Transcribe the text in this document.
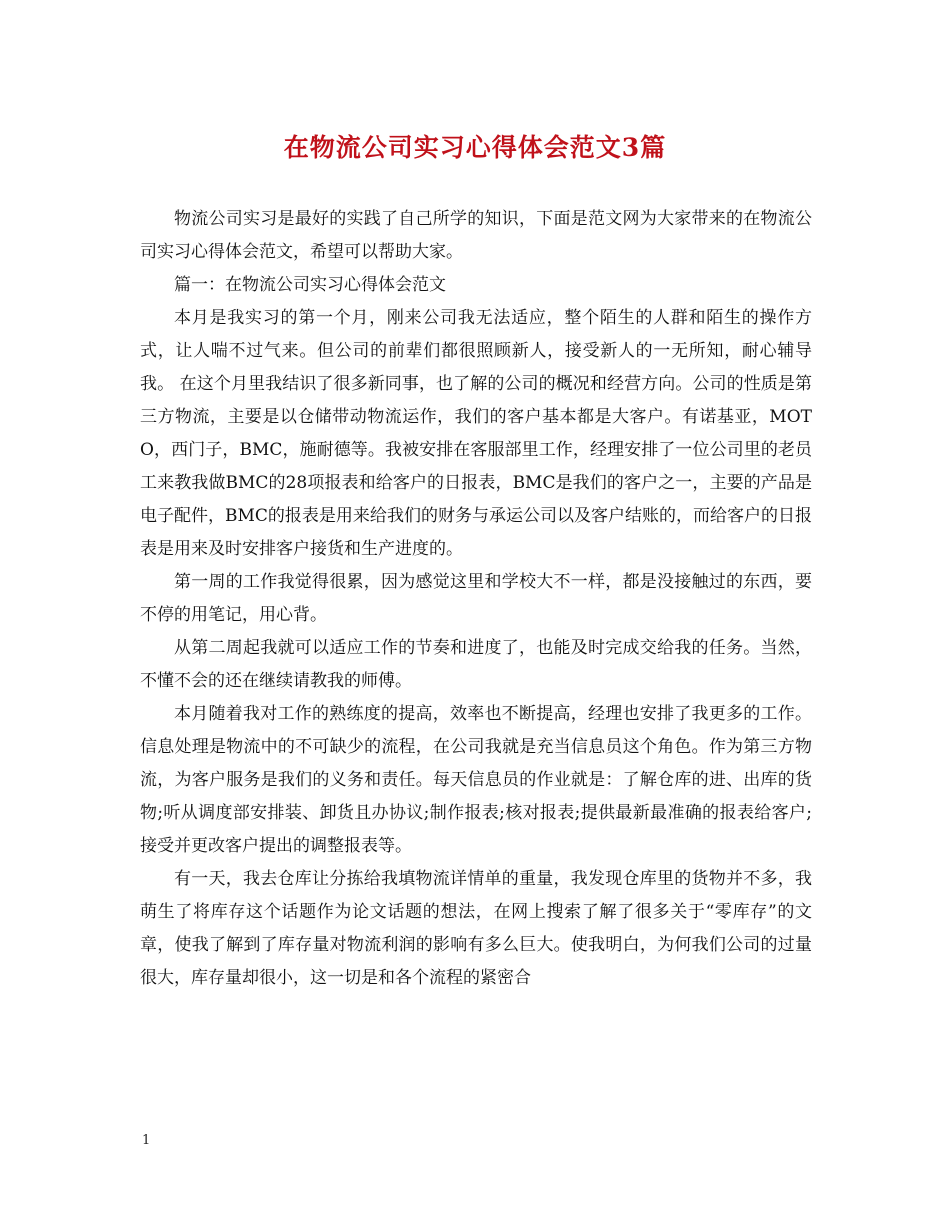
在物流公司实习心得体会范文3篇

物流公司实习是最好的实践了自己所学的知识，下面是范文网为大家带来的在物流公司实习心得体会范文，希望可以帮助大家。

篇一：在物流公司实习心得体会范文

本月是我实习的第一个月，刚来公司我无法适应，整个陌生的人群和陌生的操作方式，让人喘不过气来。但公司的前辈们都很照顾新人，接受新人的一无所知，耐心辅导我。 在这个月里我结识了很多新同事，也了解的公司的概况和经营方向。公司的性质是第三方物流，主要是以仓储带动物流运作，我们的客户基本都是大客户。有诺基亚，MOTO，西门子，BMC，施耐德等。我被安排在客服部里工作，经理安排了一位公司里的老员工来教我做BMC的28项报表和给客户的日报表，BMC是我们的客户之一，主要的产品是电子配件，BMC的报表是用来给我们的财务与承运公司以及客户结账的，而给客户的日报表是用来及时安排客户接货和生产进度的。

第一周的工作我觉得很累，因为感觉这里和学校大不一样，都是没接触过的东西，要不停的用笔记，用心背。

从第二周起我就可以适应工作的节奏和进度了，也能及时完成交给我的任务。当然，不懂不会的还在继续请教我的师傅。

本月随着我对工作的熟练度的提高，效率也不断提高，经理也安排了我更多的工作。信息处理是物流中的不可缺少的流程，在公司我就是充当信息员这个角色。作为第三方物流，为客户服务是我们的义务和责任。每天信息员的作业就是：了解仓库的进、出库的货物;听从调度部安排装、卸货且办协议;制作报表;核对报表;提供最新最准确的报表给客户;接受并更改客户提出的调整报表等。

有一天，我去仓库让分拣给我填物流详情单的重量，我发现仓库里的货物并不多，我萌生了将库存这个话题作为论文话题的想法，在网上搜索了解了很多关于“零库存”的文章，使我了解到了库存量对物流利润的影响有多么巨大。使我明白，为何我们公司的过量很大，库存量却很小，这一切是和各个流程的紧密合

1
